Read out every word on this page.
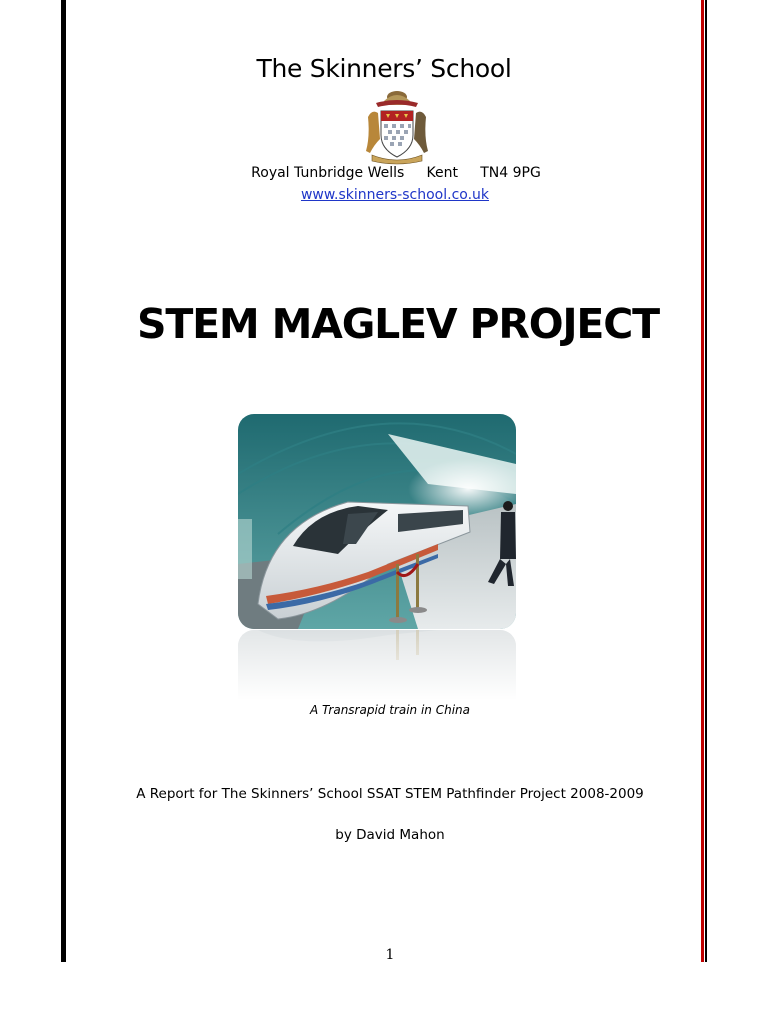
The Skinners’ School
Royal Tunbridge Wells     Kent     TN4 9PG
www.skinners-school.co.uk
STEM MAGLEV PROJECT
A Transrapid train in China
A Report for The Skinners’ School SSAT STEM Pathfinder Project 2008-2009
by David Mahon
1
